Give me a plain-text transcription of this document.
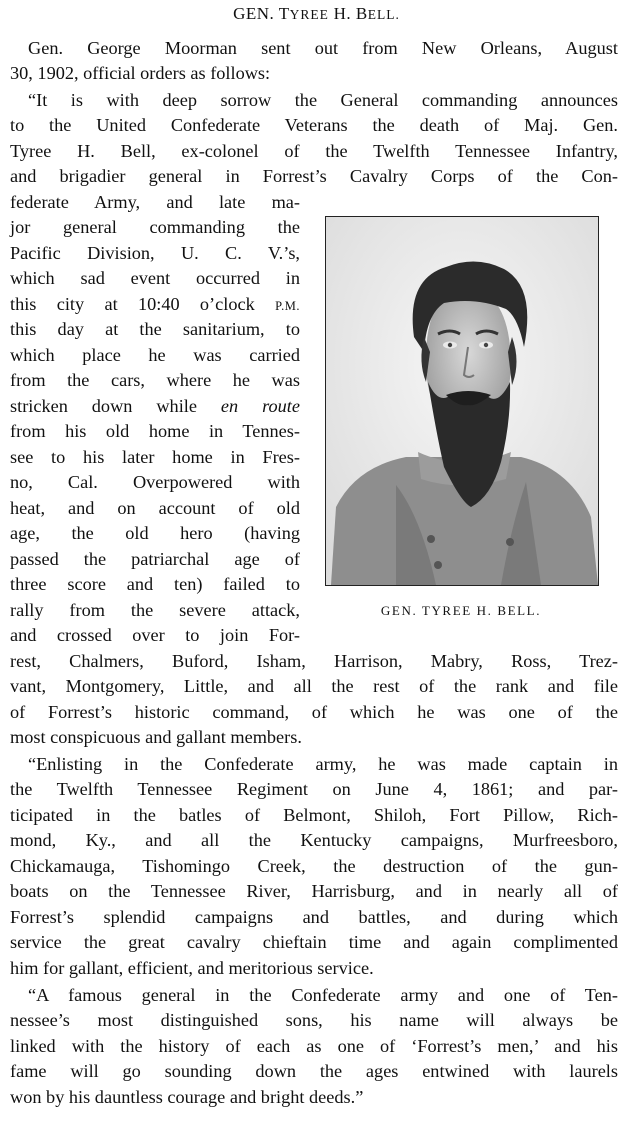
GEN. TYREE H. BELL.
Gen. George Moorman sent out from New Orleans, August
30, 1902, official orders as follows:
“It is with deep sorrow the General commanding announces
to the United Confederate Veterans the death of Maj. Gen.
Tyree H. Bell, ex-colonel of the Twelfth Tennessee Infantry,
and brigadier general in Forrest’s Cavalry Corps of the Con-
federate Army, and late ma-
jor general commanding the
Pacific Division, U. C. V.’s,
which sad event occurred in
this city at 10:40 o’clock P.M.
this day at the sanitarium, to
which place he was carried
from the cars, where he was
stricken down while en route
from his old home in Tennes-
see to his later home in Fres-
no, Cal. Overpowered with
heat, and on account of old
age, the old hero (having
passed the patriarchal age of
three score and ten) failed to
rally from the severe attack,
and crossed over to join For-
rest, Chalmers, Buford, Isham, Harrison, Mabry, Ross, Trez-
vant, Montgomery, Little, and all the rest of the rank and file
of Forrest’s historic command, of which he was one of the
most conspicuous and gallant members.
“Enlisting in the Confederate army, he was made captain in
the Twelfth Tennessee Regiment on June 4, 1861; and par-
ticipated in the batles of Belmont, Shiloh, Fort Pillow, Rich-
mond, Ky., and all the Kentucky campaigns, Murfreesboro,
Chickamauga, Tishomingo Creek, the destruction of the gun-
boats on the Tennessee River, Harrisburg, and in nearly all of
Forrest’s splendid campaigns and battles, and during which
service the great cavalry chieftain time and again complimented
him for gallant, efficient, and meritorious service.
“A famous general in the Confederate army and one of Ten-
nessee’s most distinguished sons, his name will always be
linked with the history of each as one of ‘Forrest’s men,’ and his
fame will go sounding down the ages entwined with laurels
won by his dauntless courage and bright deeds.”
GEN. TYREE H. BELL.
